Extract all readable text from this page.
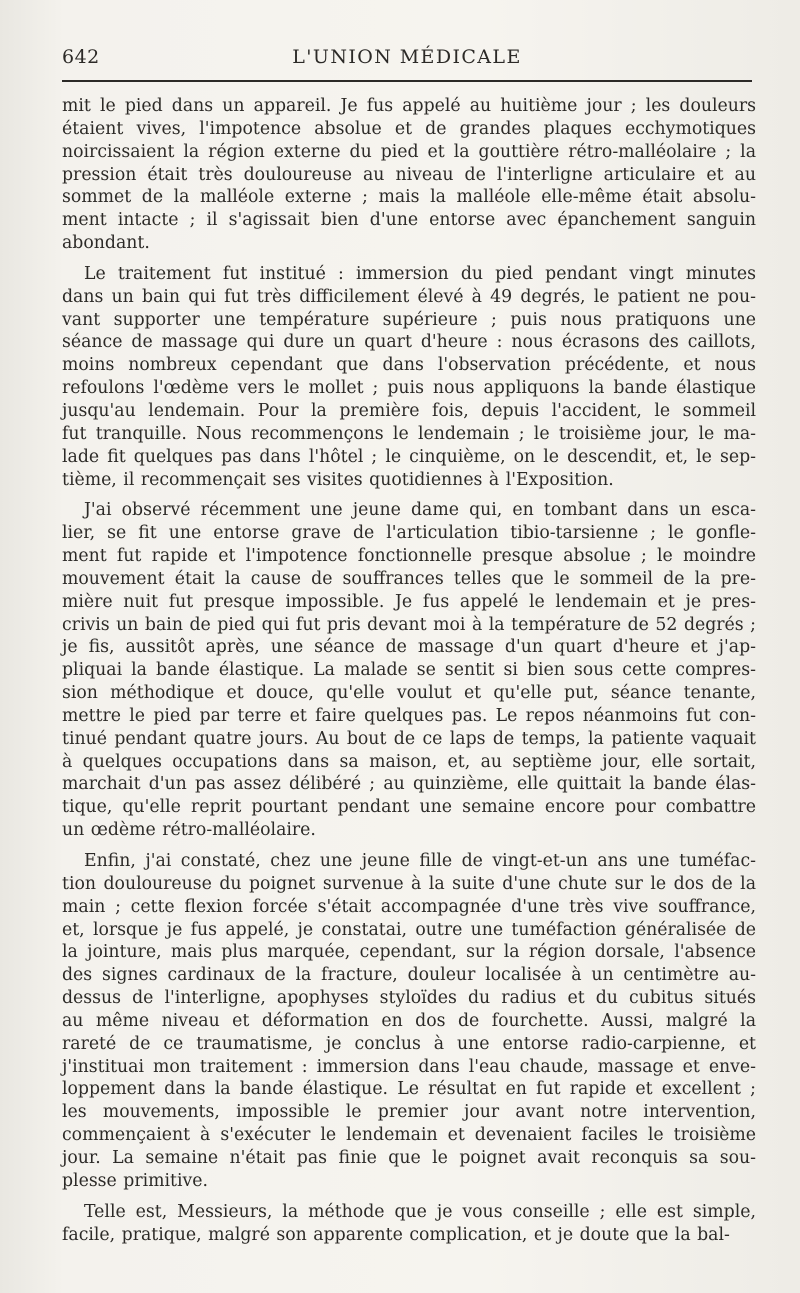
642	L'UNION MÉDICALE
mit le pied dans un appareil. Je fus appelé au huitième jour ; les douleurs
étaient vives, l'impotence absolue et de grandes plaques ecchymotiques
noircissaient la région externe du pied et la gouttière rétro-malléolaire ; la
pression était très douloureuse au niveau de l'interligne articulaire et au
sommet de la malléole externe ; mais la malléole elle-même était absolu-
ment intacte ; il s'agissait bien d'une entorse avec épanchement sanguin
abondant.
Le traitement fut institué : immersion du pied pendant vingt minutes
dans un bain qui fut très difficilement élevé à 49 degrés, le patient ne pou-
vant supporter une température supérieure ; puis nous pratiquons une
séance de massage qui dure un quart d'heure : nous écrasons des caillots,
moins nombreux cependant que dans l'observation précédente, et nous
refoulons l'œdème vers le mollet ; puis nous appliquons la bande élastique
jusqu'au lendemain. Pour la première fois, depuis l'accident, le sommeil
fut tranquille. Nous recommençons le lendemain ; le troisième jour, le ma-
lade fit quelques pas dans l'hôtel ; le cinquième, on le descendit, et, le sep-
tième, il recommençait ses visites quotidiennes à l'Exposition.
J'ai observé récemment une jeune dame qui, en tombant dans un esca-
lier, se fit une entorse grave de l'articulation tibio-tarsienne ; le gonfle-
ment fut rapide et l'impotence fonctionnelle presque absolue ; le moindre
mouvement était la cause de souffrances telles que le sommeil de la pre-
mière nuit fut presque impossible. Je fus appelé le lendemain et je pres-
crivis un bain de pied qui fut pris devant moi à la température de 52 degrés ;
je fis, aussitôt après, une séance de massage d'un quart d'heure et j'ap-
pliquai la bande élastique. La malade se sentit si bien sous cette compres-
sion méthodique et douce, qu'elle voulut et qu'elle put, séance tenante,
mettre le pied par terre et faire quelques pas. Le repos néanmoins fut con-
tinué pendant quatre jours. Au bout de ce laps de temps, la patiente vaquait
à quelques occupations dans sa maison, et, au septième jour, elle sortait,
marchait d'un pas assez délibéré ; au quinzième, elle quittait la bande élas-
tique, qu'elle reprit pourtant pendant une semaine encore pour combattre
un œdème rétro-malléolaire.
Enfin, j'ai constaté, chez une jeune fille de vingt-et-un ans une tuméfac-
tion douloureuse du poignet survenue à la suite d'une chute sur le dos de la
main ; cette flexion forcée s'était accompagnée d'une très vive souffrance,
et, lorsque je fus appelé, je constatai, outre une tuméfaction généralisée de
la jointure, mais plus marquée, cependant, sur la région dorsale, l'absence
des signes cardinaux de la fracture, douleur localisée à un centimètre au-
dessus de l'interligne, apophyses styloïdes du radius et du cubitus situés
au même niveau et déformation en dos de fourchette. Aussi, malgré la
rareté de ce traumatisme, je conclus à une entorse radio-carpienne, et
j'instituai mon traitement : immersion dans l'eau chaude, massage et enve-
loppement dans la bande élastique. Le résultat en fut rapide et excellent ;
les mouvements, impossible le premier jour avant notre intervention,
commençaient à s'exécuter le lendemain et devenaient faciles le troisième
jour. La semaine n'était pas finie que le poignet avait reconquis sa sou-
plesse primitive.
Telle est, Messieurs, la méthode que je vous conseille ; elle est simple,
facile, pratique, malgré son apparente complication, et je doute que la bal-
